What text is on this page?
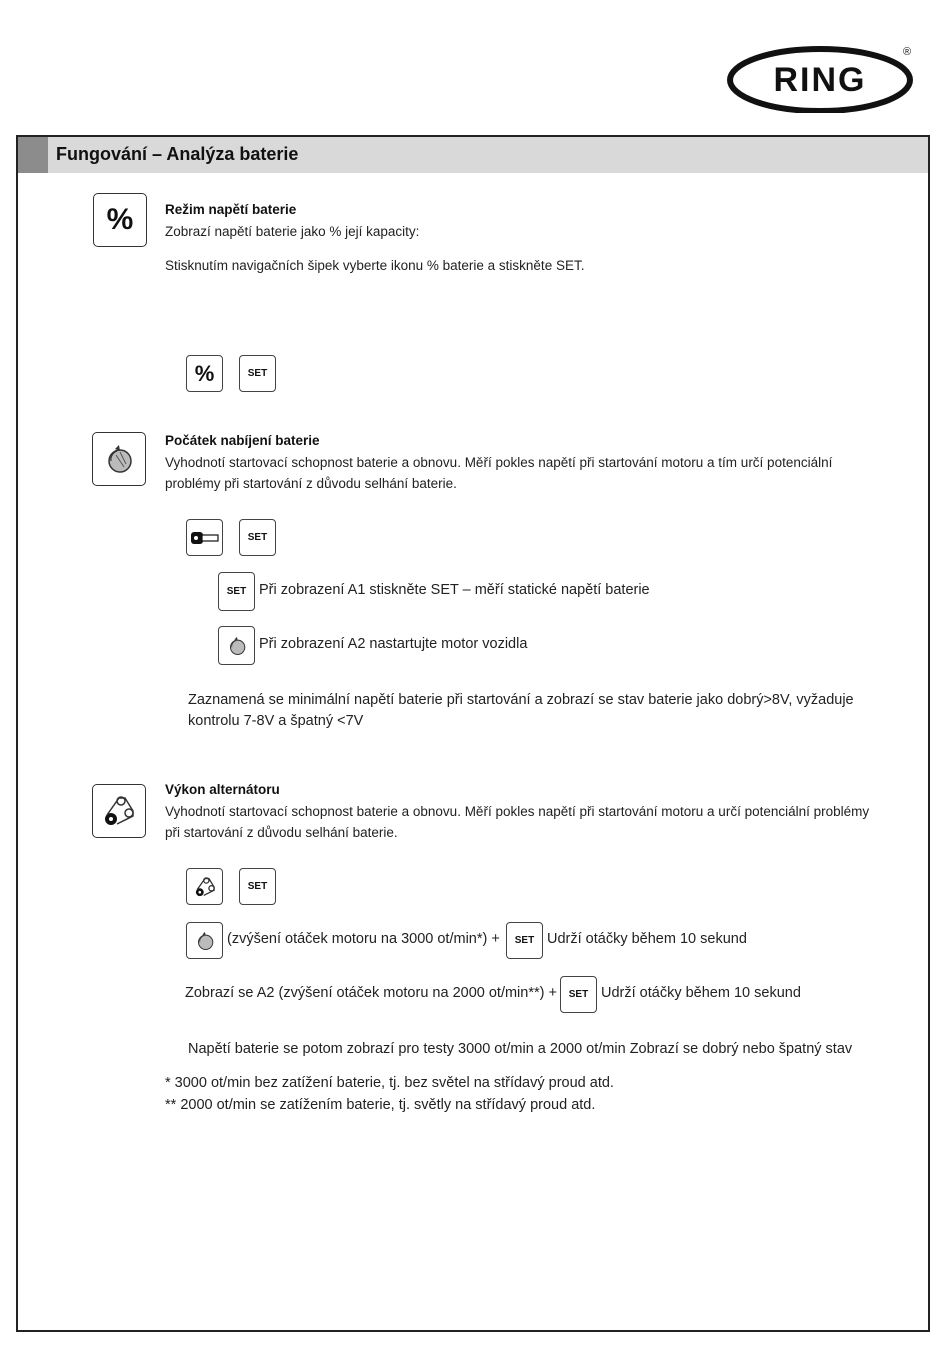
RING
®
Fungování – Analýza baterie
% Režim napětí baterie
Zobrazí napětí baterie jako % její kapacity:
Stisknutím navigačních šipek vyberte ikonu % baterie a stiskněte SET.
%	SET
Počátek nabíjení baterie
Vyhodnotí startovací schopnost baterie a obnovu. Měří pokles napětí při startování motoru a tím určí potenciální
problémy při startování z důvodu selhání baterie.
SET
SET Při zobrazení A1 stiskněte SET – měří statické napětí baterie
Při zobrazení A2 nastartujte motor vozidla
Zaznamená se minimální napětí baterie při startování a zobrazí se stav baterie jako dobrý>8V, vyžaduje
kontrolu 7-8V a špatný <7V
Výkon alternátoru
Vyhodnotí startovací schopnost baterie a obnovu. Měří pokles napětí při startování motoru a určí potenciální problémy
při startování z důvodu selhání baterie.
SET
(zvýšení otáček motoru na 3000 ot/min*) + SET Udrží otáčky během 10 sekund
Zobrazí se A2 (zvýšení otáček motoru na 2000 ot/min**) + SET Udrží otáčky během 10 sekund
Napětí baterie se potom zobrazí pro testy 3000 ot/min a 2000 ot/min Zobrazí se dobrý nebo špatný stav
* 3000 ot/min bez zatížení baterie, tj. bez světel na střídavý proud atd.
** 2000 ot/min se zatížením baterie, tj. světly na střídavý proud atd.
